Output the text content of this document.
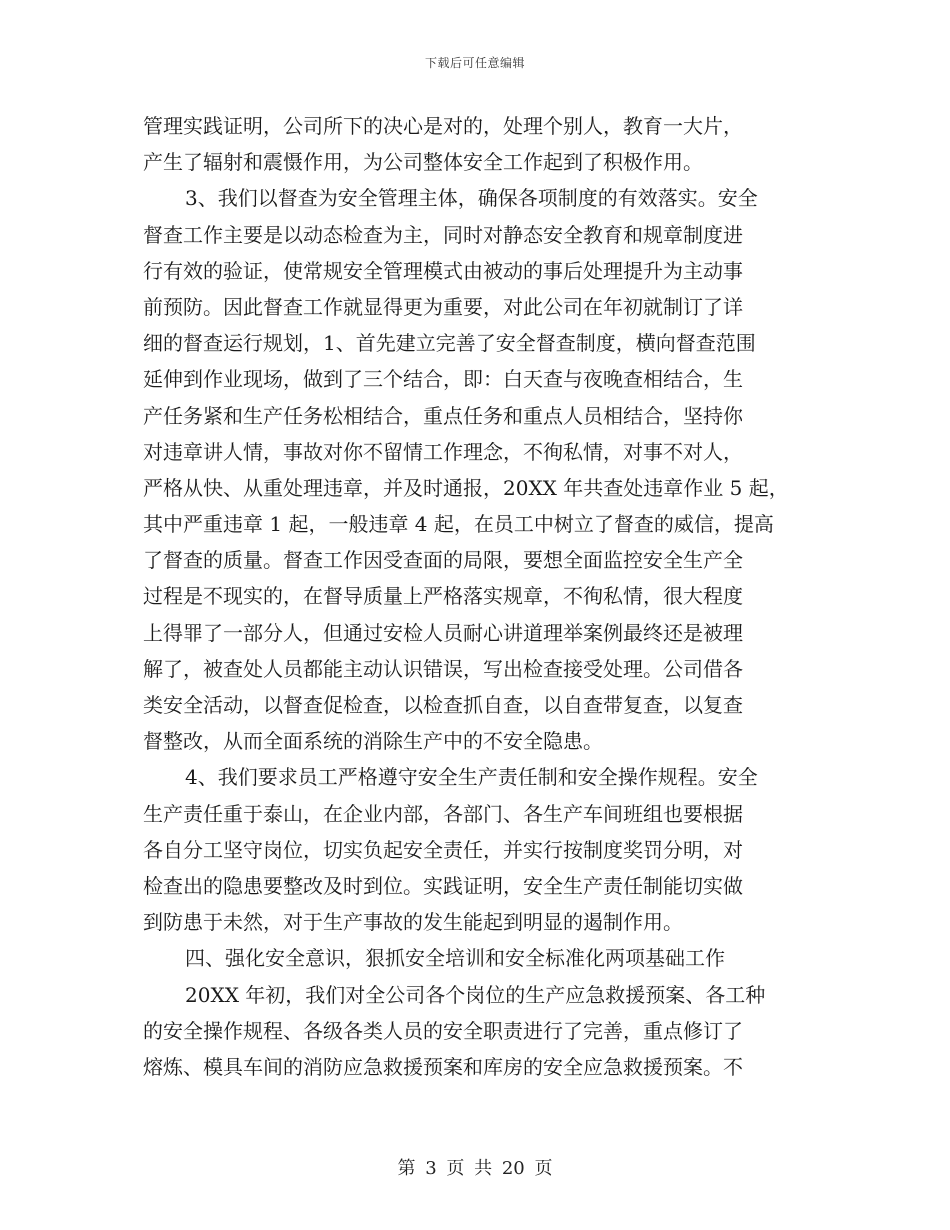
下载后可任意编辑
管理实践证明，公司所下的决心是对的，处理个别人，教育一大片，
产生了辐射和震慑作用，为公司整体安全工作起到了积极作用。
3、我们以督查为安全管理主体，确保各项制度的有效落实。安全
督查工作主要是以动态检查为主，同时对静态安全教育和规章制度进
行有效的验证，使常规安全管理模式由被动的事后处理提升为主动事
前预防。因此督查工作就显得更为重要，对此公司在年初就制订了详
细的督查运行规划，1、首先建立完善了安全督查制度，横向督查范围
延伸到作业现场，做到了三个结合，即：白天查与夜晚查相结合，生
产任务紧和生产任务松相结合，重点任务和重点人员相结合，坚持你
对违章讲人情，事故对你不留情工作理念，不徇私情，对事不对人，
严格从快、从重处理违章，并及时通报，20XX 年共查处违章作业 5 起，
其中严重违章 1 起，一般违章 4 起，在员工中树立了督查的威信，提高
了督查的质量。督查工作因受查面的局限，要想全面监控安全生产全
过程是不现实的，在督导质量上严格落实规章，不徇私情，很大程度
上得罪了一部分人，但通过安检人员耐心讲道理举案例最终还是被理
解了，被查处人员都能主动认识错误，写出检查接受处理。公司借各
类安全活动，以督查促检查，以检查抓自查，以自查带复查，以复查
督整改，从而全面系统的消除生产中的不安全隐患。
4、我们要求员工严格遵守安全生产责任制和安全操作规程。安全
生产责任重于泰山，在企业内部，各部门、各生产车间班组也要根据
各自分工坚守岗位，切实负起安全责任，并实行按制度奖罚分明，对
检查出的隐患要整改及时到位。实践证明，安全生产责任制能切实做
到防患于未然，对于生产事故的发生能起到明显的遏制作用。
四、强化安全意识，狠抓安全培训和安全标准化两项基础工作
20XX 年初，我们对全公司各个岗位的生产应急救援预案、各工种
的安全操作规程、各级各类人员的安全职责进行了完善，重点修订了
熔炼、模具车间的消防应急救援预案和库房的安全应急救援预案。不
第 3 页 共 20 页
